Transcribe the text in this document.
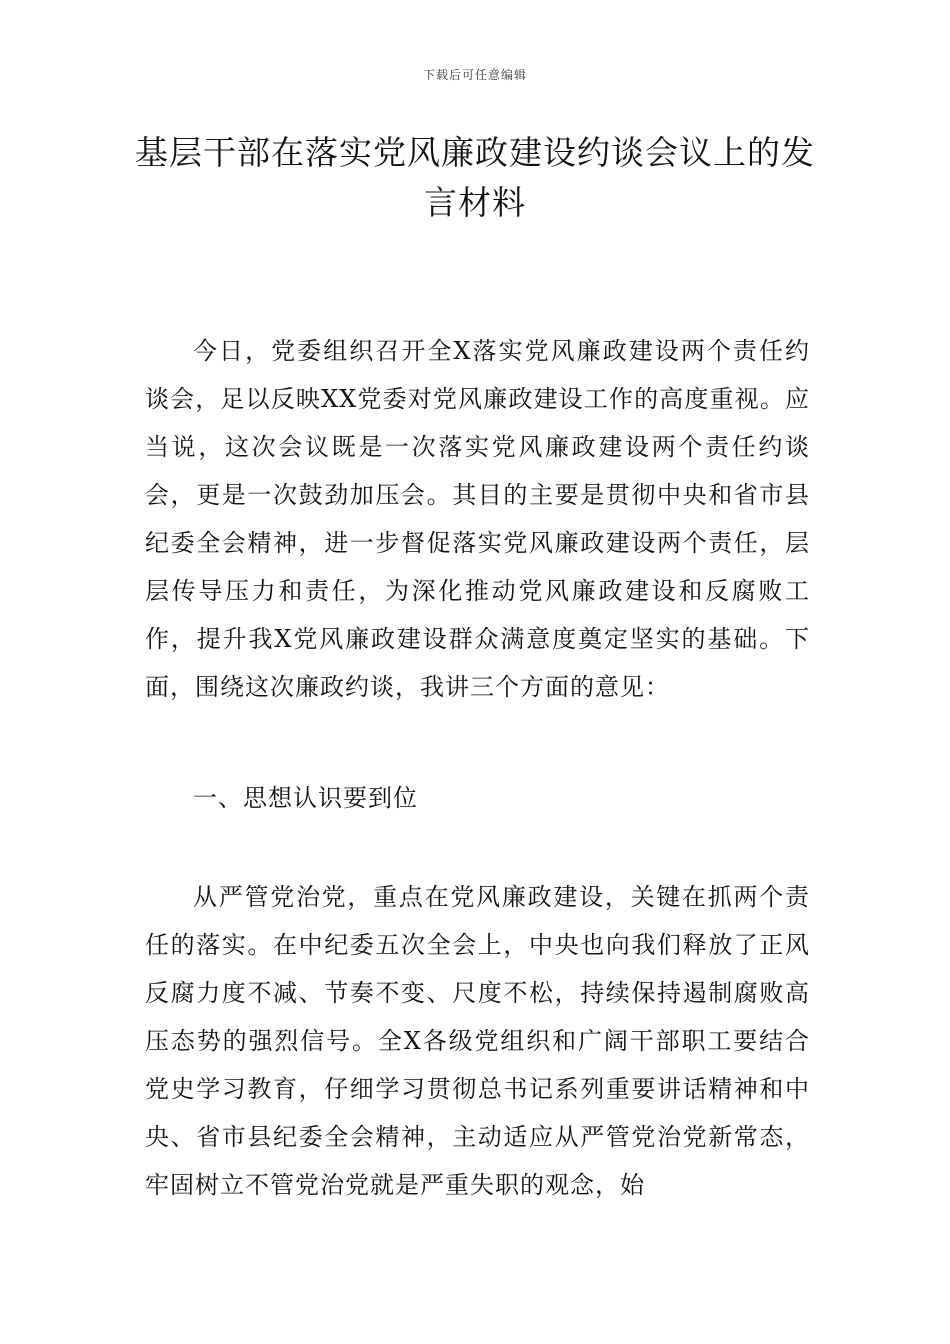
下载后可任意编辑
基层干部在落实党风廉政建设约谈会议上的发言材料

今日，党委组织召开全X落实党风廉政建设两个责任约谈会，足以反映XX党委对党风廉政建设工作的高度重视。应当说，这次会议既是一次落实党风廉政建设两个责任约谈会，更是一次鼓劲加压会。其目的主要是贯彻中央和省市县纪委全会精神，进一步督促落实党风廉政建设两个责任，层层传导压力和责任，为深化推动党风廉政建设和反腐败工作，提升我X党风廉政建设群众满意度奠定坚实的基础。下面，围绕这次廉政约谈，我讲三个方面的意见：

一、思想认识要到位

从严管党治党，重点在党风廉政建设，关键在抓两个责任的落实。在中纪委五次全会上，中央也向我们释放了正风反腐力度不减、节奏不变、尺度不松，持续保持遏制腐败高压态势的强烈信号。全X各级党组织和广阔干部职工要结合党史学习教育，仔细学习贯彻总书记系列重要讲话精神和中央、省市县纪委全会精神，主动适应从严管党治党新常态，牢固树立不管党治党就是严重失职的观念，始
